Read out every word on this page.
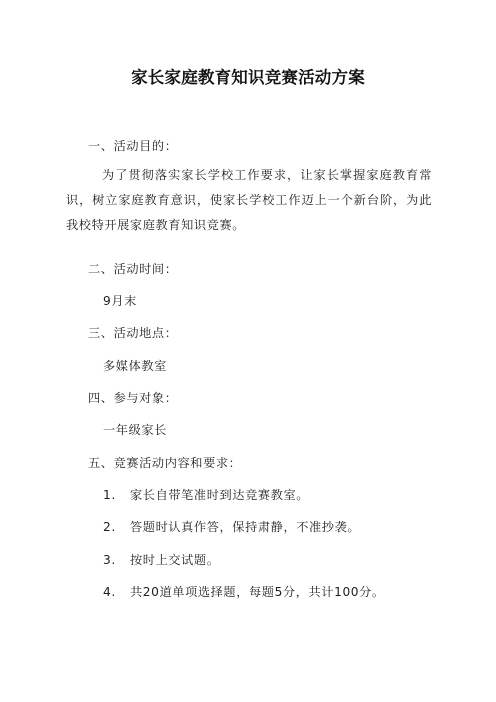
家长家庭教育知识竞赛活动方案
一、活动目的：
为了贯彻落实家长学校工作要求，让家长掌握家庭教育常识，树立家庭教育意识，使家长学校工作迈上一个新台阶，为此我校特开展家庭教育知识竞赛。
二、活动时间：
9月末
三、活动地点：
多媒体教室
四、参与对象：
一年级家长
五、竞赛活动内容和要求：
1. 家长自带笔准时到达竞赛教室。
2. 答题时认真作答，保持肃静，不准抄袭。
3. 按时上交试题。
4. 共20道单项选择题，每题5分，共计100分。
